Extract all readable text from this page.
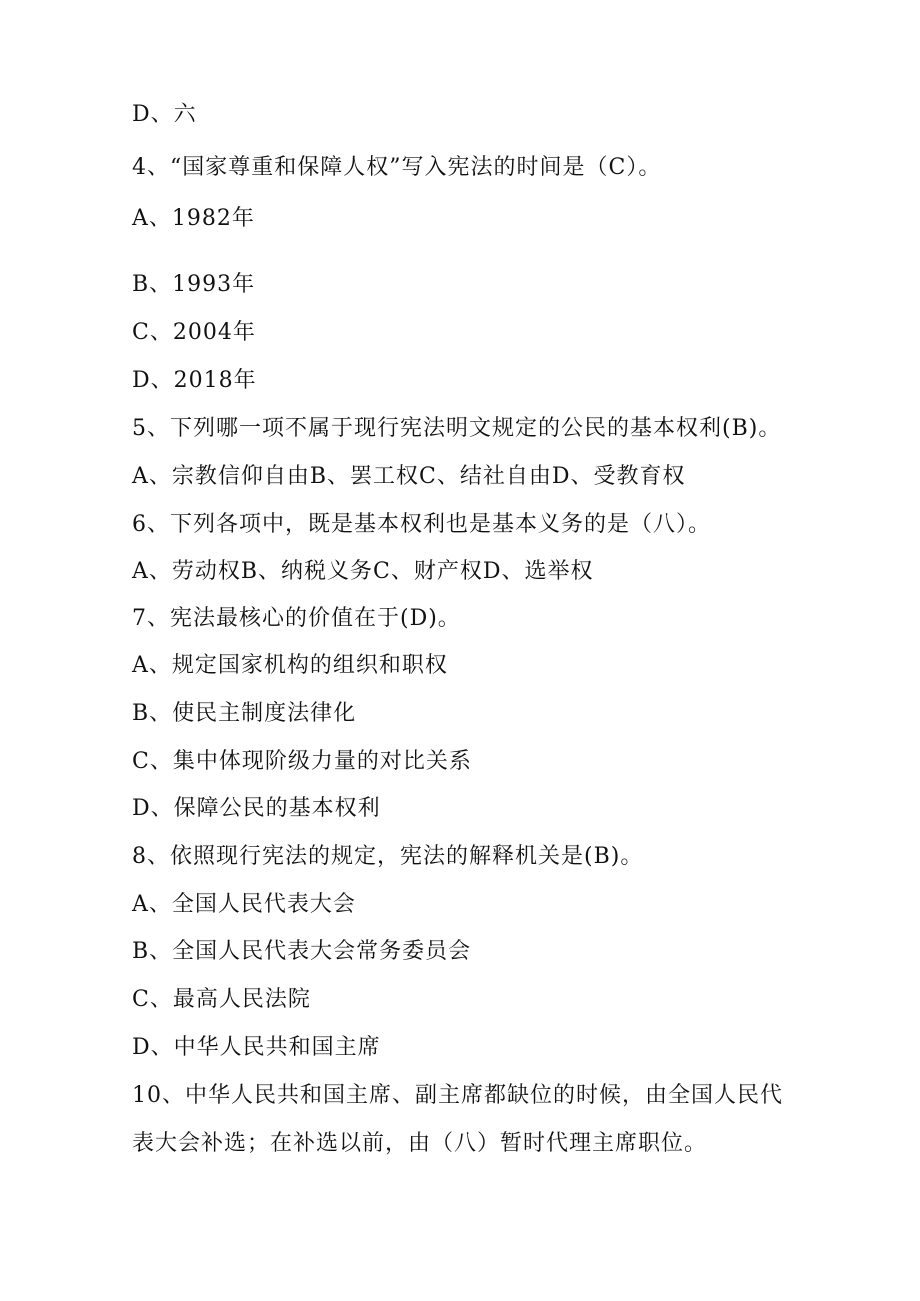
D、六
4、“国家尊重和保障人权”写入宪法的时间是（C）。
A、1982年
B、1993年
C、2004年
D、2018年
5、下列哪一项不属于现行宪法明文规定的公民的基本权利(B)。
A、宗教信仰自由B、罢工权C、结社自由D、受教育权
6、下列各项中，既是基本权利也是基本义务的是（八）。
A、劳动权B、纳税义务C、财产权D、选举权
7、宪法最核心的价值在于(D)。
A、规定国家机构的组织和职权
B、使民主制度法律化
C、集中体现阶级力量的对比关系
D、保障公民的基本权利
8、依照现行宪法的规定，宪法的解释机关是(B)。
A、全国人民代表大会
B、全国人民代表大会常务委员会
C、最高人民法院
D、中华人民共和国主席
10、中华人民共和国主席、副主席都缺位的时候，由全国人民代
表大会补选；在补选以前，由（八）暂时代理主席职位。
